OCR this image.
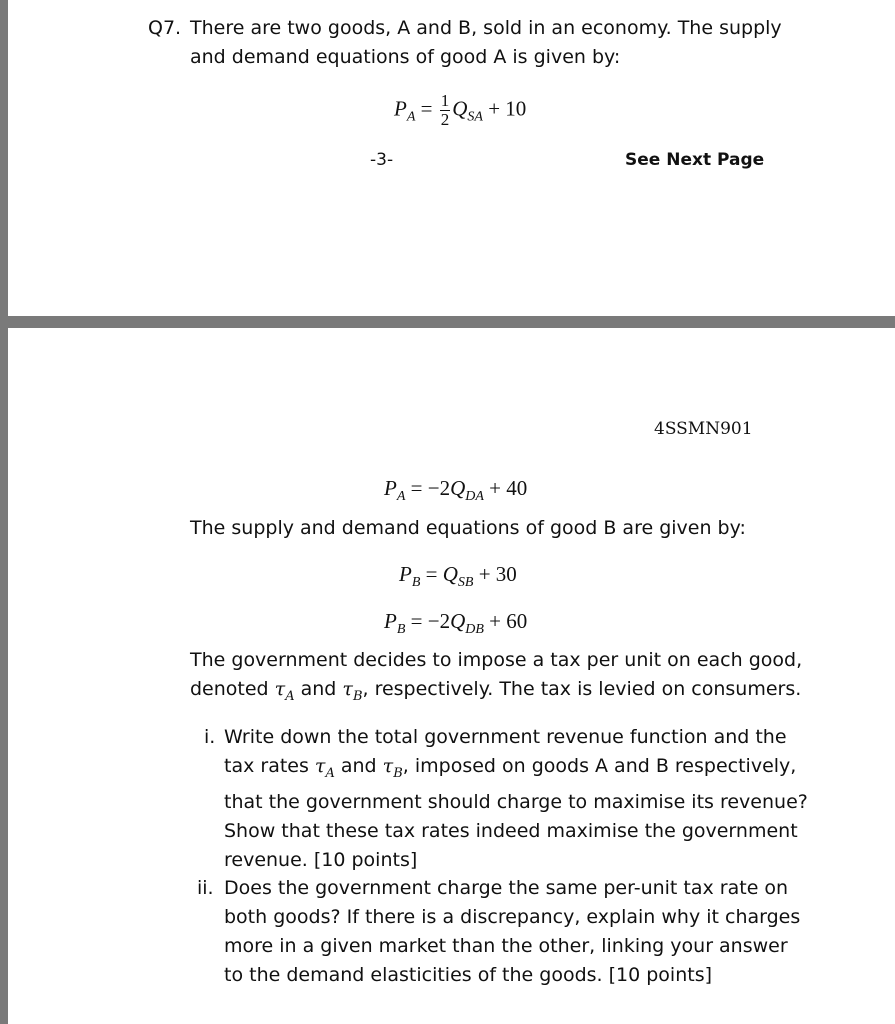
Q7. There are two goods, A and B, sold in an economy. The supply
and demand equations of good A is given by:
$P_A = \frac{1}{2} Q_{SA} + 10$
-3-	See Next Page
4SSMN901
$P_A = -2Q_{DA} + 40$
The supply and demand equations of good B are given by:
$P_B = Q_{SB} + 30$
$P_B = -2Q_{DB} + 60$
The government decides to impose a tax per unit on each good,
denoted $\tau_A$ and $\tau_B$, respectively. The tax is levied on consumers.
i. Write down the total government revenue function and the
tax rates $\tau_A$ and $\tau_B$, imposed on goods A and B respectively,
that the government should charge to maximise its revenue?
Show that these tax rates indeed maximise the government
revenue. [10 points]
ii. Does the government charge the same per-unit tax rate on
both goods? If there is a discrepancy, explain why it charges
more in a given market than the other, linking your answer
to the demand elasticities of the goods. [10 points]
